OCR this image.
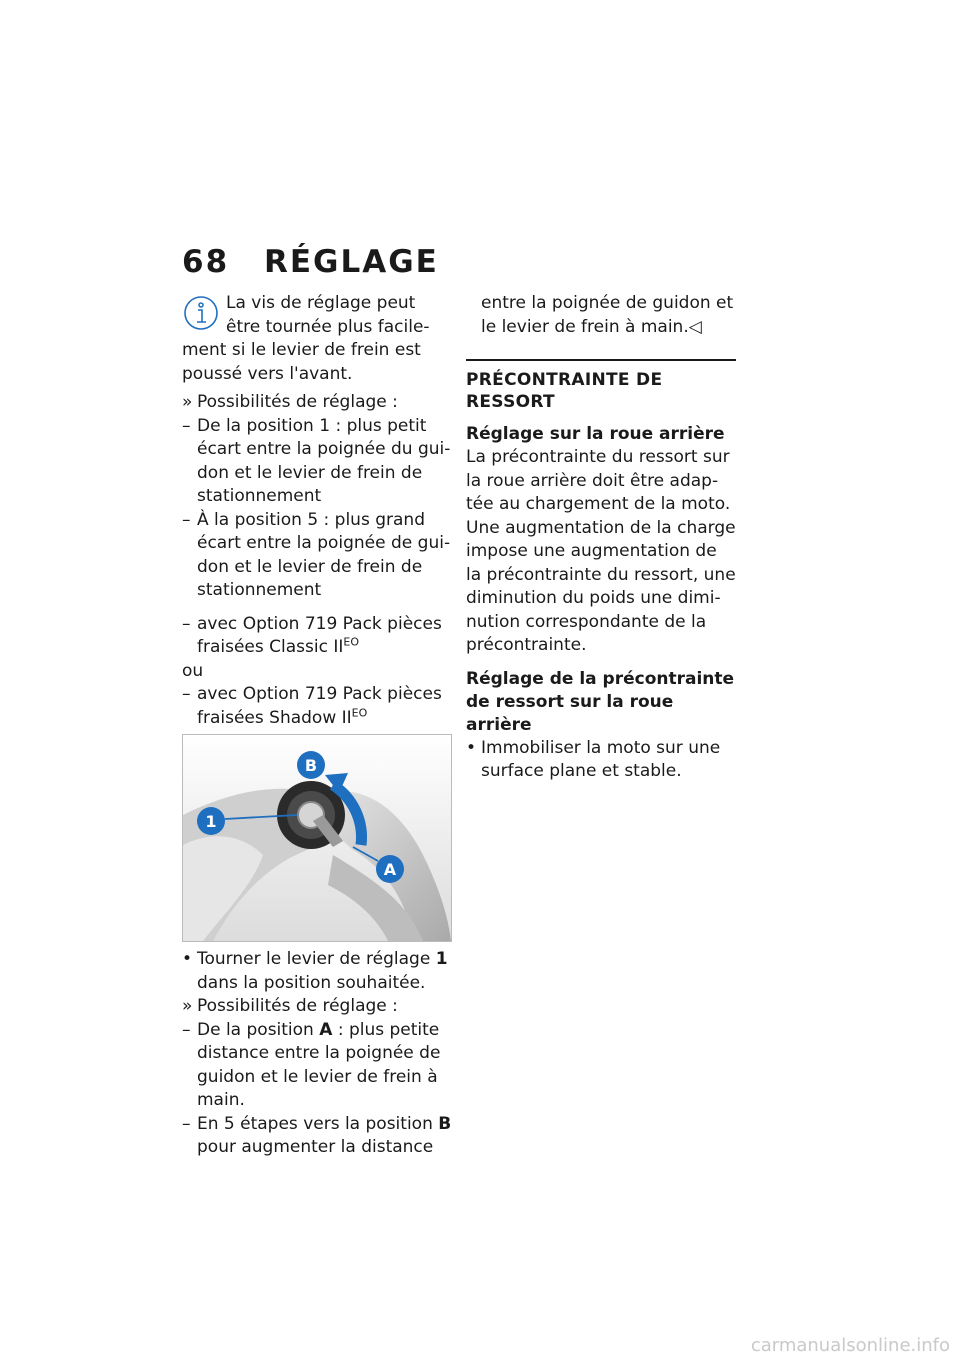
68 RÉGLAGE

La vis de réglage peut

être tournée plus facile-

ment si le levier de frein est poussé vers l'avant.

» Possibilités de réglage :

– De la position 1 : plus petit écart entre la poignée du gui-don et le levier de frein de stationnement

– À la position 5 : plus grand écart entre la poignée de gui-don et le levier de frein de stationnement

– avec Option 719 Pack pièces fraisées Classic $II^{EO}$

ou

– avec Option 719 Pack pièces fraisées Shadow $II^{EO}$

B
1
A

• Tourner le levier de réglage 1
dans la position souhaitée.

» Possibilités de réglage :

– De la position A : plus petite distance entre la poignée de guidon et le levier de frein à main.

– En 5 étapes vers la position B
pour augmenter la distance

entre la poignée de guidon et le levier de frein à main.◁

PRÉCONTRAINTE DE RESSORT

Réglage sur la roue arrière

La précontrainte du ressort sur la roue arrière doit être adap-tée au chargement de la moto. Une augmentation de la charge impose une augmentation de la précontrainte du ressort, une diminution du poids une dimi-nution correspondante de la précontrainte.

Réglage de la précontrainte de ressort sur la roue arrière

• Immobiliser la moto sur une surface plane et stable.

carmanualsonline.info
